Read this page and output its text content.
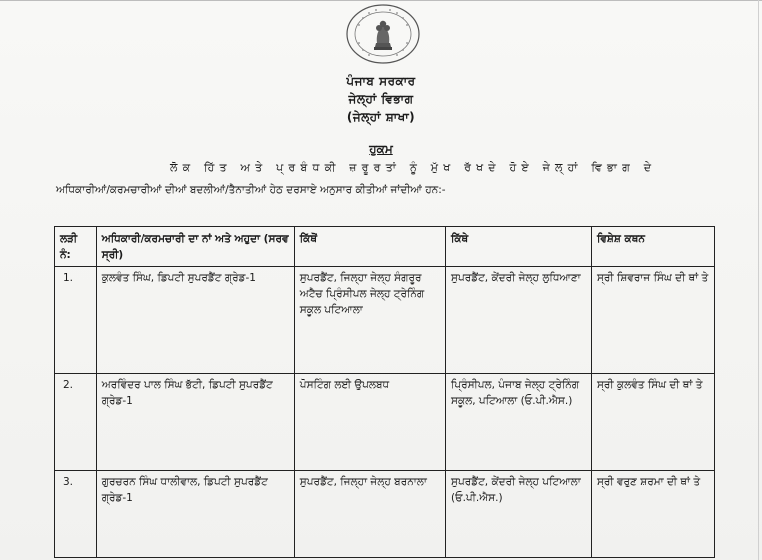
ਪੰਜਾਬ ਸਰਕਾਰ
ਜੇਲ੍ਹਾਂ ਵਿਭਾਗ
(ਜੇਲ੍ਹਾਂ ਸ਼ਾਖਾ)
ਹੁਕਮ
ਲੋਕ ਹਿੱਤ ਅਤੇ ਪ੍ਰਬੰਧਕੀ ਜ਼ਰੂਰਤਾਂ ਨੂੰ ਮੁੱਖ ਰੱਖਦੇ ਹੋਏ ਜੇਲ੍ਹਾਂ ਵਿਭਾਗ ਦੇ
ਅਧਿਕਾਰੀਆਂ/ਕਰਮਚਾਰੀਆਂ ਦੀਆਂ ਬਦਲੀਆਂ/ਤੈਨਾਤੀਆਂ ਹੇਠ ਦਰਸਾਏ ਅਨੁਸਾਰ ਕੀਤੀਆਂ ਜਾਂਦੀਆਂ ਹਨ:-
ਲੜੀ ਨੰ:	ਅਧਿਕਾਰੀ/ਕਰਮਚਾਰੀ ਦਾ ਨਾਂ ਅਤੇ ਅਹੁਦਾ (ਸਰਵ ਸ੍ਰੀ)	ਕਿੱਥੋਂ	ਕਿੱਥੇ	ਵਿਸ਼ੇਸ਼ ਕਥਨ
1.	ਕੁਲਵੰਤ ਸਿੰਘ, ਡਿਪਟੀ ਸੁਪਰਡੈਂਟ ਗ੍ਰੇਡ-1	ਸੁਪਰਡੈਂਟ, ਜਿਲ੍ਹਾ ਜੇਲ੍ਹ ਸੰਗਰੂਰ ਅਟੈਚ ਪ੍ਰਿੰਸੀਪਲ ਜੇਲ੍ਹ ਟ੍ਰੇਨਿੰਗ ਸਕੂਲ ਪਟਿਆਲਾ	ਸੁਪਰਡੈਂਟ, ਕੇਂਦਰੀ ਜੇਲ੍ਹ ਲੁਧਿਆਣਾ	ਸ੍ਰੀ ਸ਼ਿਵਰਾਜ ਸਿੰਘ ਦੀ ਥਾਂ ਤੇ
2.	ਅਰਵਿੰਦਰ ਪਾਲ ਸਿੰਘ ਭੱਟੀ, ਡਿਪਟੀ ਸੁਪਰਡੈਂਟ ਗ੍ਰੇਡ-1	ਪੋਸਟਿੰਗ ਲਈ ਉਪਲਬਧ	ਪ੍ਰਿੰਸੀਪਲ, ਪੰਜਾਬ ਜੇਲ੍ਹ ਟ੍ਰੇਨਿੰਗ ਸਕੂਲ, ਪਟਿਆਲਾ (ਓ.ਪੀ.ਐਸ.)	ਸ੍ਰੀ ਕੁਲਵੰਤ ਸਿੰਘ ਦੀ ਥਾਂ ਤੇ
3.	ਗੁਰਚਰਨ ਸਿੰਘ ਧਾਲੀਵਾਲ, ਡਿਪਟੀ ਸੁਪਰਡੈਂਟ ਗ੍ਰੇਡ-1	ਸੁਪਰਡੈਂਟ, ਜਿਲ੍ਹਾ ਜੇਲ੍ਹ ਬਰਨਾਲਾ	ਸੁਪਰਡੈਂਟ, ਕੇਂਦਰੀ ਜੇਲ੍ਹ ਪਟਿਆਲਾ (ਓ.ਪੀ.ਐਸ.)	ਸ੍ਰੀ ਵਰੁਣ ਸ਼ਰਮਾ ਦੀ ਥਾਂ ਤੇ
